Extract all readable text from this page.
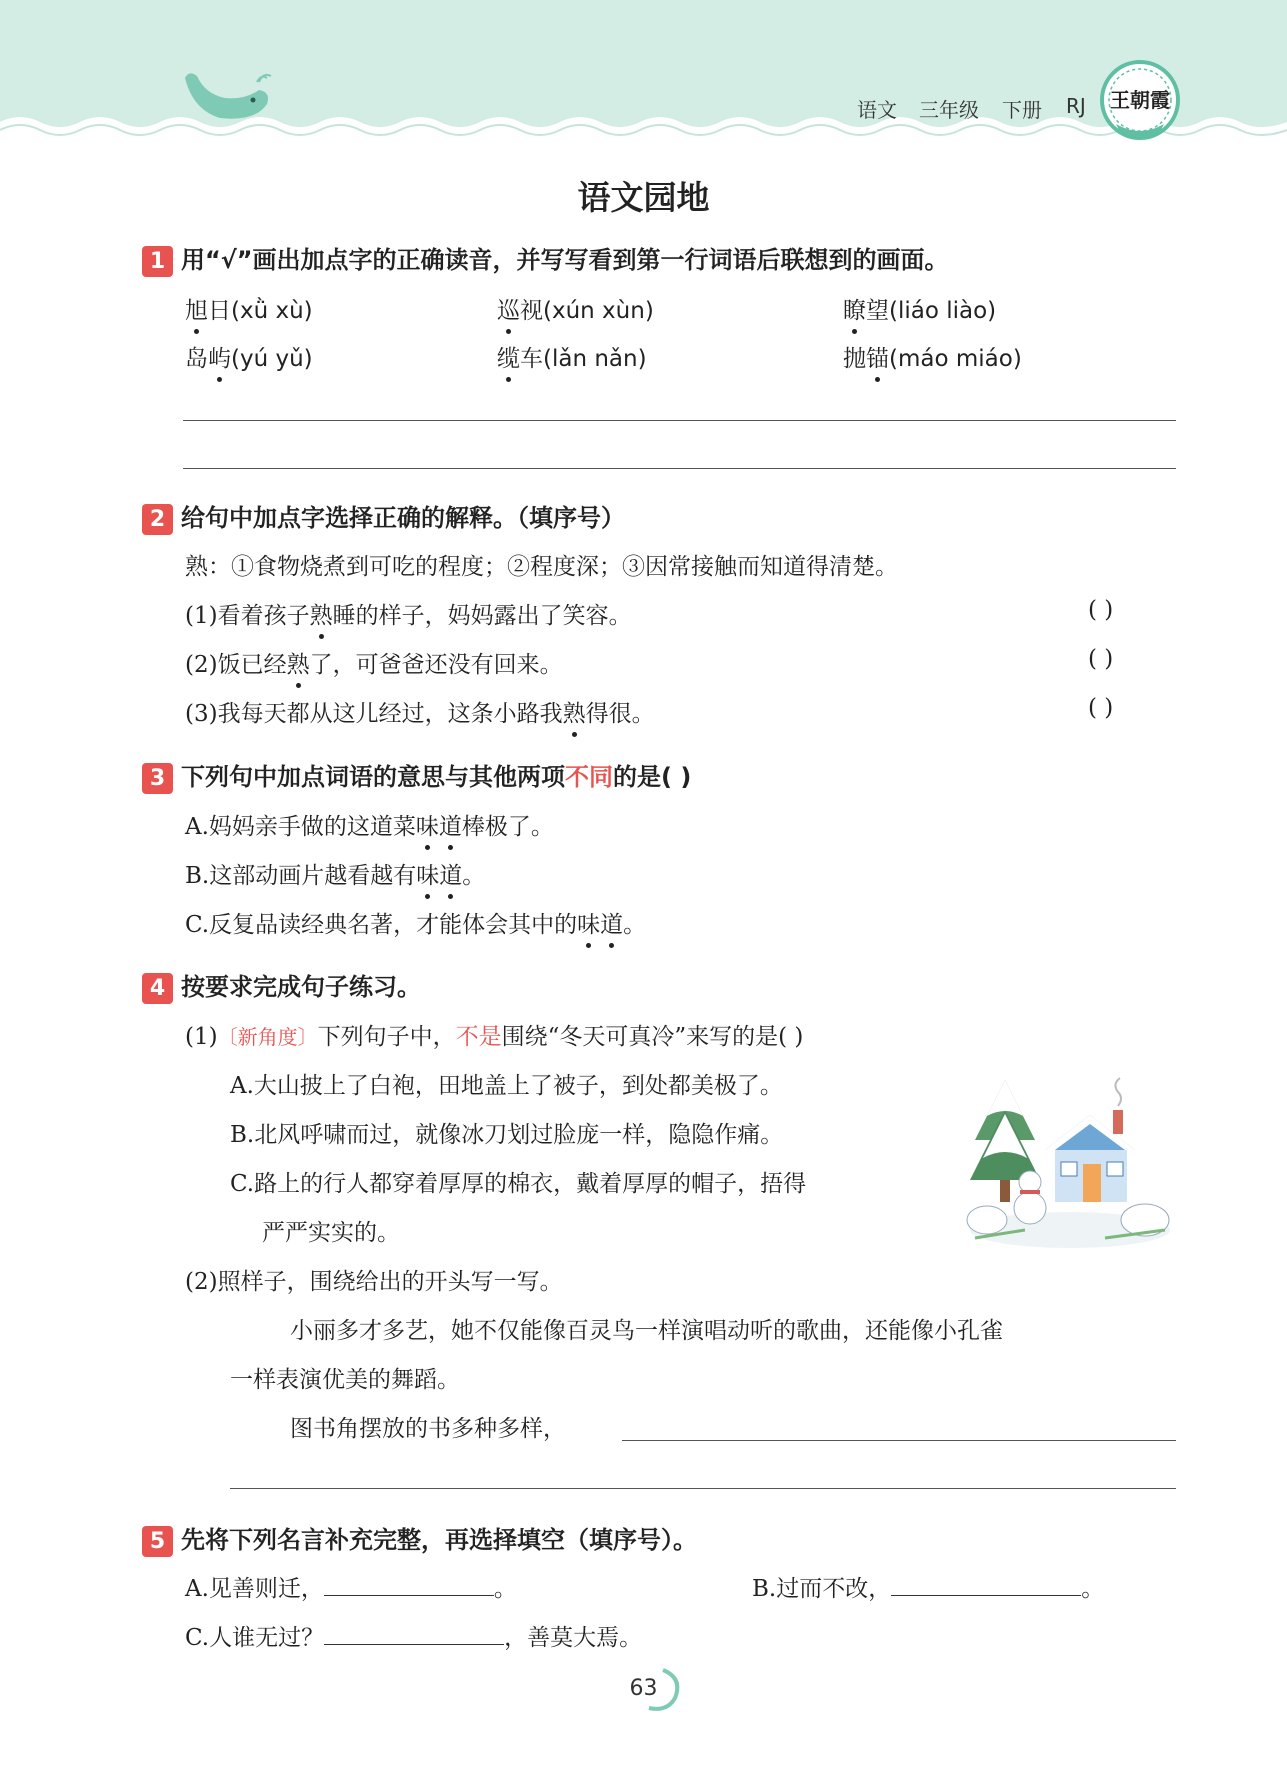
语文 三年级 下册 RJ	王朝霞
语文园地
1 用“√”画出加点字的正确读音，并写写看到第一行词语后联想到的画面。
旭日(xǜ xù)	巡视(xún xùn)	瞭望(liáo liào)
岛屿(yú yǔ)	缆车(lǎn nǎn)	抛锚(máo miáo)
2 给句中加点字选择正确的解释。（填序号）
熟：①食物烧煮到可吃的程度；②程度深；③因常接触而知道得清楚。
(1)看着孩子熟睡的样子，妈妈露出了笑容。	( )
(2)饭已经熟了，可爸爸还没有回来。	( )
(3)我每天都从这儿经过，这条小路我熟得很。	( )
3 下列句中加点词语的意思与其他两项不同的是( )
A.妈妈亲手做的这道菜味道棒极了。
B.这部动画片越看越有味道。
C.反复品读经典名著，才能体会其中的味道。
4 按要求完成句子练习。
(1)〔新角度〕下列句子中，不是围绕“冬天可真冷”来写的是( )
A.大山披上了白袍，田地盖上了被子，到处都美极了。
B.北风呼啸而过，就像冰刀划过脸庞一样，隐隐作痛。
C.路上的行人都穿着厚厚的棉衣，戴着厚厚的帽子，捂得
严严实实的。
(2)照样子，围绕给出的开头写一写。
小丽多才多艺，她不仅能像百灵鸟一样演唱动听的歌曲，还能像小孔雀
一样表演优美的舞蹈。
图书角摆放的书多种多样，
5 先将下列名言补充完整，再选择填空（填序号）。
A.见善则迁，	。	B.过而不改，	。
C.人谁无过？	，善莫大焉。
63
